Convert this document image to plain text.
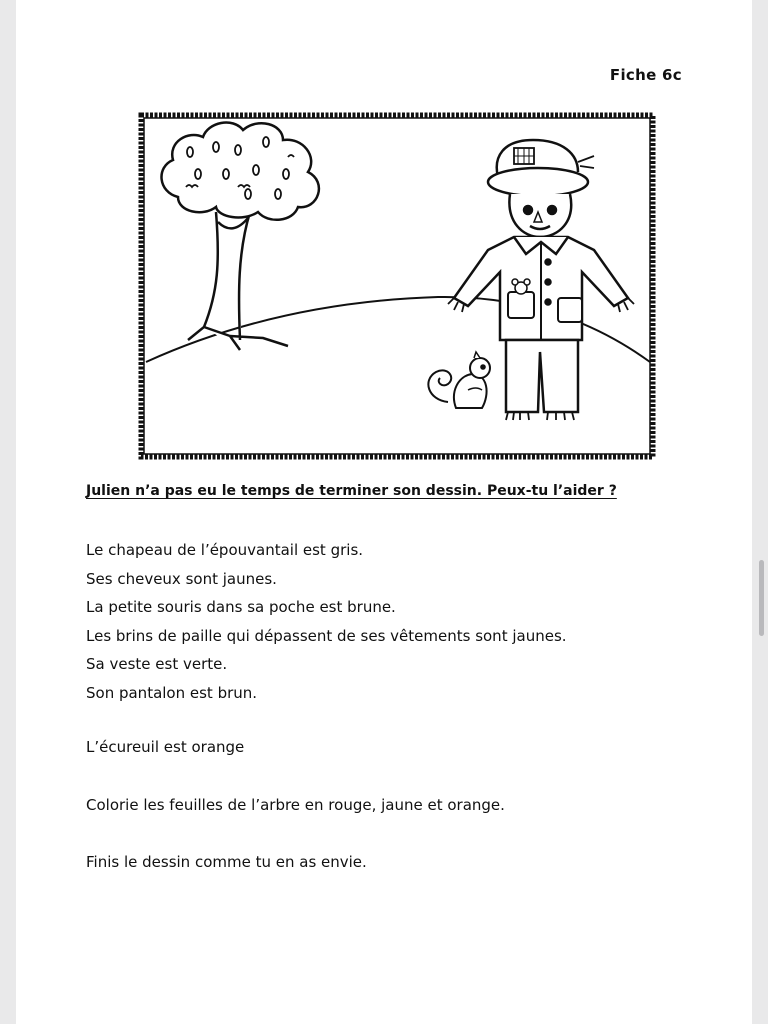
Fiche 6c
Julien n’a pas eu le temps de terminer son dessin. Peux-tu l’aider ?
Le chapeau de l’épouvantail est gris.
Ses cheveux sont jaunes.
La petite souris dans sa poche est brune.
Les brins de paille qui dépassent de ses vêtements sont jaunes.
Sa veste est verte.
Son pantalon est brun.
L’écureuil est orange
Colorie les feuilles de l’arbre en rouge, jaune et orange.
Finis le dessin comme tu en as envie.
